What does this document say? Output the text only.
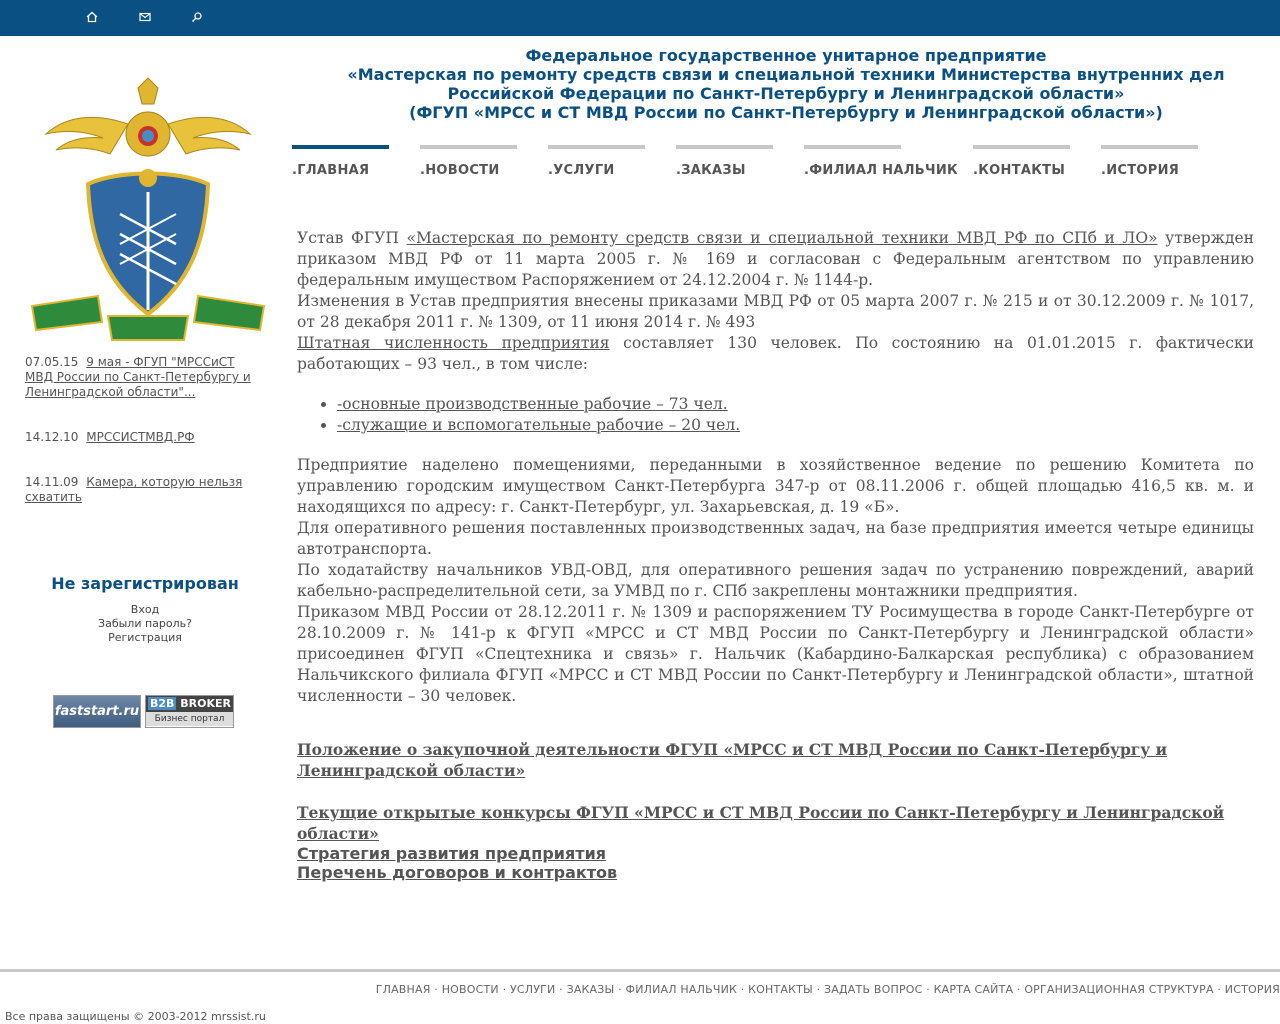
07.05.15 9 мая - ФГУП "МРССиСТ МВД России по Санкт-Петербургу и Ленинградской области"...
14.12.10 МРССИСТМВД.РФ
14.11.09 Камера, которую нельзя схватить
Не зарегистрирован
Вход
Забыли пароль?
Регистрация
faststart.ru
B2B BROKER
Бизнес портал
Федеральное государственное унитарное предприятие
«Мастерская по ремонту средств связи и специальной техники Министерства внутренних дел Российской Федерации по Санкт-Петербургу и Ленинградской области»
(ФГУП «МРСС и СТ МВД России по Санкт-Петербургу и Ленинградской области»)
.ГЛАВНАЯ	.НОВОСТИ	.УСЛУГИ	.ЗАКАЗЫ	.ФИЛИАЛ НАЛЬЧИК .КОНТАКТЫ	.ИСТОРИЯ

Устав ФГУП «Мастерская по ремонту средств связи и специальной техники МВД РФ по СПб и ЛО» утвержден приказом МВД РФ от 11 марта 2005 г. № 169 и согласован с Федеральным агентством по управлению федеральным имуществом Распоряжением от 24.12.2004 г. № 1144-р.

Изменения в Устав предприятия внесены приказами МВД РФ от 05 марта 2007 г. № 215 и от 30.12.2009 г. № 1017, от 28 декабря 2011 г. № 1309, от 11 июня 2014 г. № 493

Штатная численность предприятия составляет 130 человек. По состоянию на 01.01.2015 г. фактически работающих – 93 чел., в том числе:

• -основные производственные рабочие – 73 чел.
• -служащие и вспомогательные рабочие – 20 чел.

Предприятие наделено помещениями, переданными в хозяйственное ведение по решению Комитета по управлению городским имуществом Санкт-Петербурга 347-р от 08.11.2006 г. общей площадью 416,5 кв. м. и находящихся по адресу: г. Санкт-Петербург, ул. Захарьевская, д. 19 «Б».

Для оперативного решения поставленных производственных задач, на базе предприятия имеется четыре единицы автотранспорта.

По ходатайству начальников УВД-ОВД, для оперативного решения задач по устранению повреждений, аварий кабельно-распределительной сети, за УМВД по г. СПб закреплены монтажники предприятия.

Приказом МВД России от 28.12.2011 г. № 1309 и распоряжением ТУ Росимущества в городе Санкт-Петербурге от 28.10.2009 г. № 141-р к ФГУП «МРСС и СТ МВД России по Санкт-Петербургу и Ленинградской области» присоединен ФГУП «Спецтехника и связь» г. Нальчик (Кабардино-Балкарская республика) с образованием Нальчикского филиала ФГУП «МРСС и СТ МВД России по Санкт-Петербургу и Ленинградской области», штатной численности – 30 человек.

Положение о закупочной деятельности ФГУП «МРСС и СТ МВД России по Санкт-Петербургу и Ленинградской области»
Текущие открытые конкурсы ФГУП «МРСС и СТ МВД России по Санкт-Петербургу и Ленинградской области»
Стратегия развития предприятия
Перечень договоров и контрактов
ГЛАВНАЯ · НОВОСТИ · УСЛУГИ · ЗАКАЗЫ · ФИЛИАЛ НАЛЬЧИК · КОНТАКТЫ · ЗАДАТЬ ВОПРОС · КАРТА САЙТА · ОРГАНИЗАЦИОННАЯ СТРУКТУРА · ИСТОРИЯ
Все права защищены © 2003-2012 mrssist.ru
